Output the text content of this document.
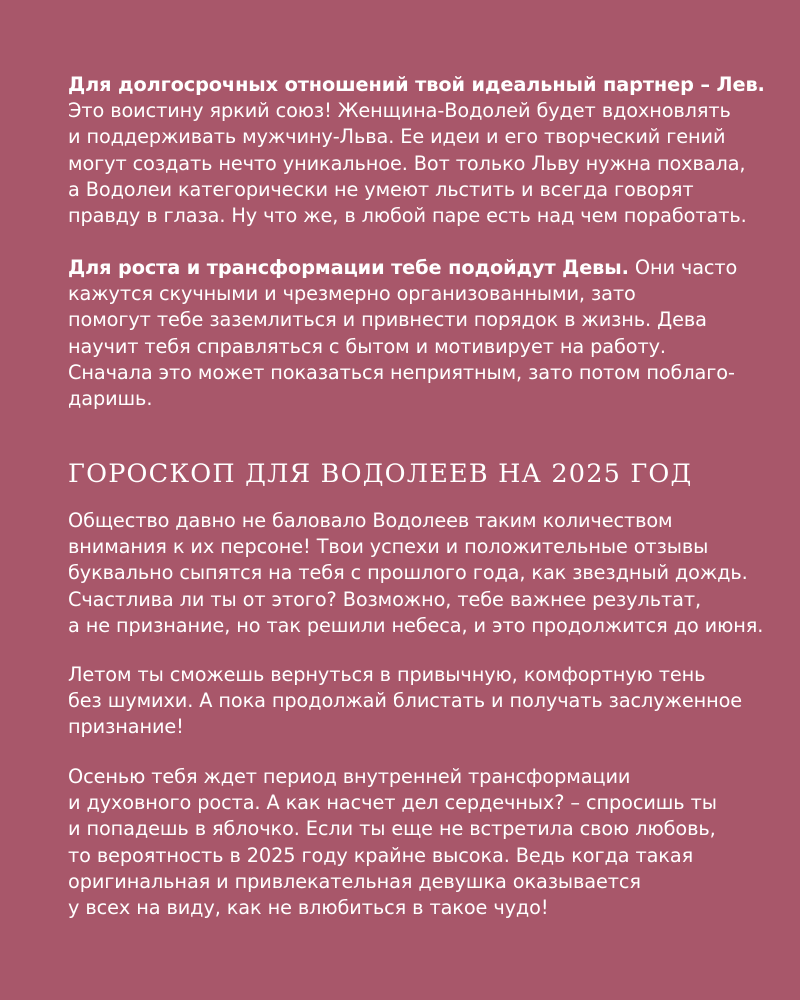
Для долгосрочных отношений твой идеальный партнер – Лев.
Это воистину яркий союз! Женщина-Водолей будет вдохновлять
и поддерживать мужчину-Льва. Ее идеи и его творческий гений
могут создать нечто уникальное. Вот только Льву нужна похвала,
а Водолеи категорически не умеют льстить и всегда говорят
правду в глаза. Ну что же, в любой паре есть над чем поработать.

Для роста и трансформации тебе подойдут Девы. Они часто
кажутся скучными и чрезмерно организованными, зато
помогут тебе заземлиться и привнести порядок в жизнь. Дева
научит тебя справляться с бытом и мотивирует на работу.
Сначала это может показаться неприятным, зато потом поблаго-
даришь.

ГОРОСКОП ДЛЯ ВОДОЛЕЕВ НА 2025 ГОД

Общество давно не баловало Водолеев таким количеством
внимания к их персоне! Твои успехи и положительные отзывы
буквально сыпятся на тебя с прошлого года, как звездный дождь.
Счастлива ли ты от этого? Возможно, тебе важнее результат,
а не признание, но так решили небеса, и это продолжится до июня.

Летом ты сможешь вернуться в привычную, комфортную тень
без шумихи. А пока продолжай блистать и получать заслуженное
признание!

Осенью тебя ждет период внутренней трансформации
и духовного роста. А как насчет дел сердечных? – спросишь ты
и попадешь в яблочко. Если ты еще не встретила свою любовь,
то вероятность в 2025 году крайне высока. Ведь когда такая
оригинальная и привлекательная девушка оказывается
у всех на виду, как не влюбиться в такое чудо!
